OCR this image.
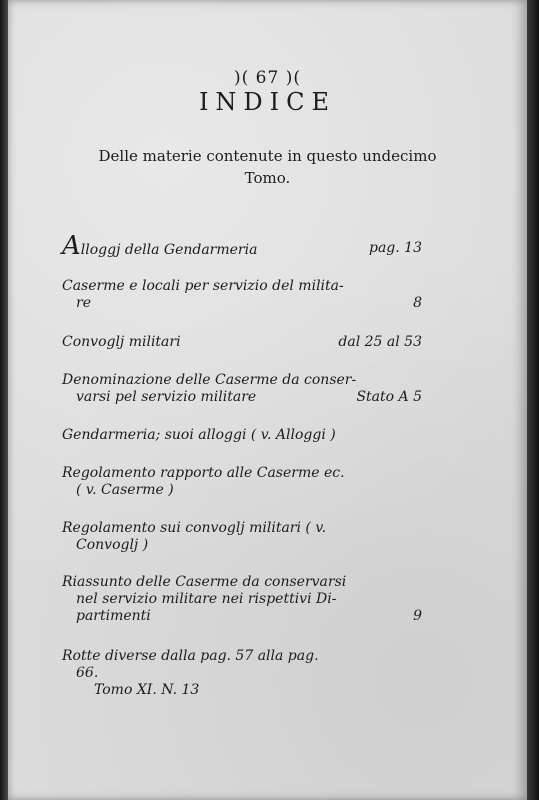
)( 67 )(
INDICE
Delle materie contenute in questo undecimo
Tomo.
Alloggj della Gendarmeria	pag. 13
Caserme e locali per servizio del milita-
re	8
Convoglj militari	dal 25 al 53
Denominazione delle Caserme da conser-
varsi pel servizio militare	Stato A 5
Gendarmeria; suoi alloggi ( v. Alloggi )
Regolamento rapporto alle Caserme ec.
( v. Caserme )
Regolamento sui convoglj militari ( v.
Convoglj )
Riassunto delle Caserme da conservarsi
nel servizio militare nei rispettivi Di-
partimenti	9
Rotte diverse dalla pag. 57 alla pag.
66.
Tomo XI. N. 13
